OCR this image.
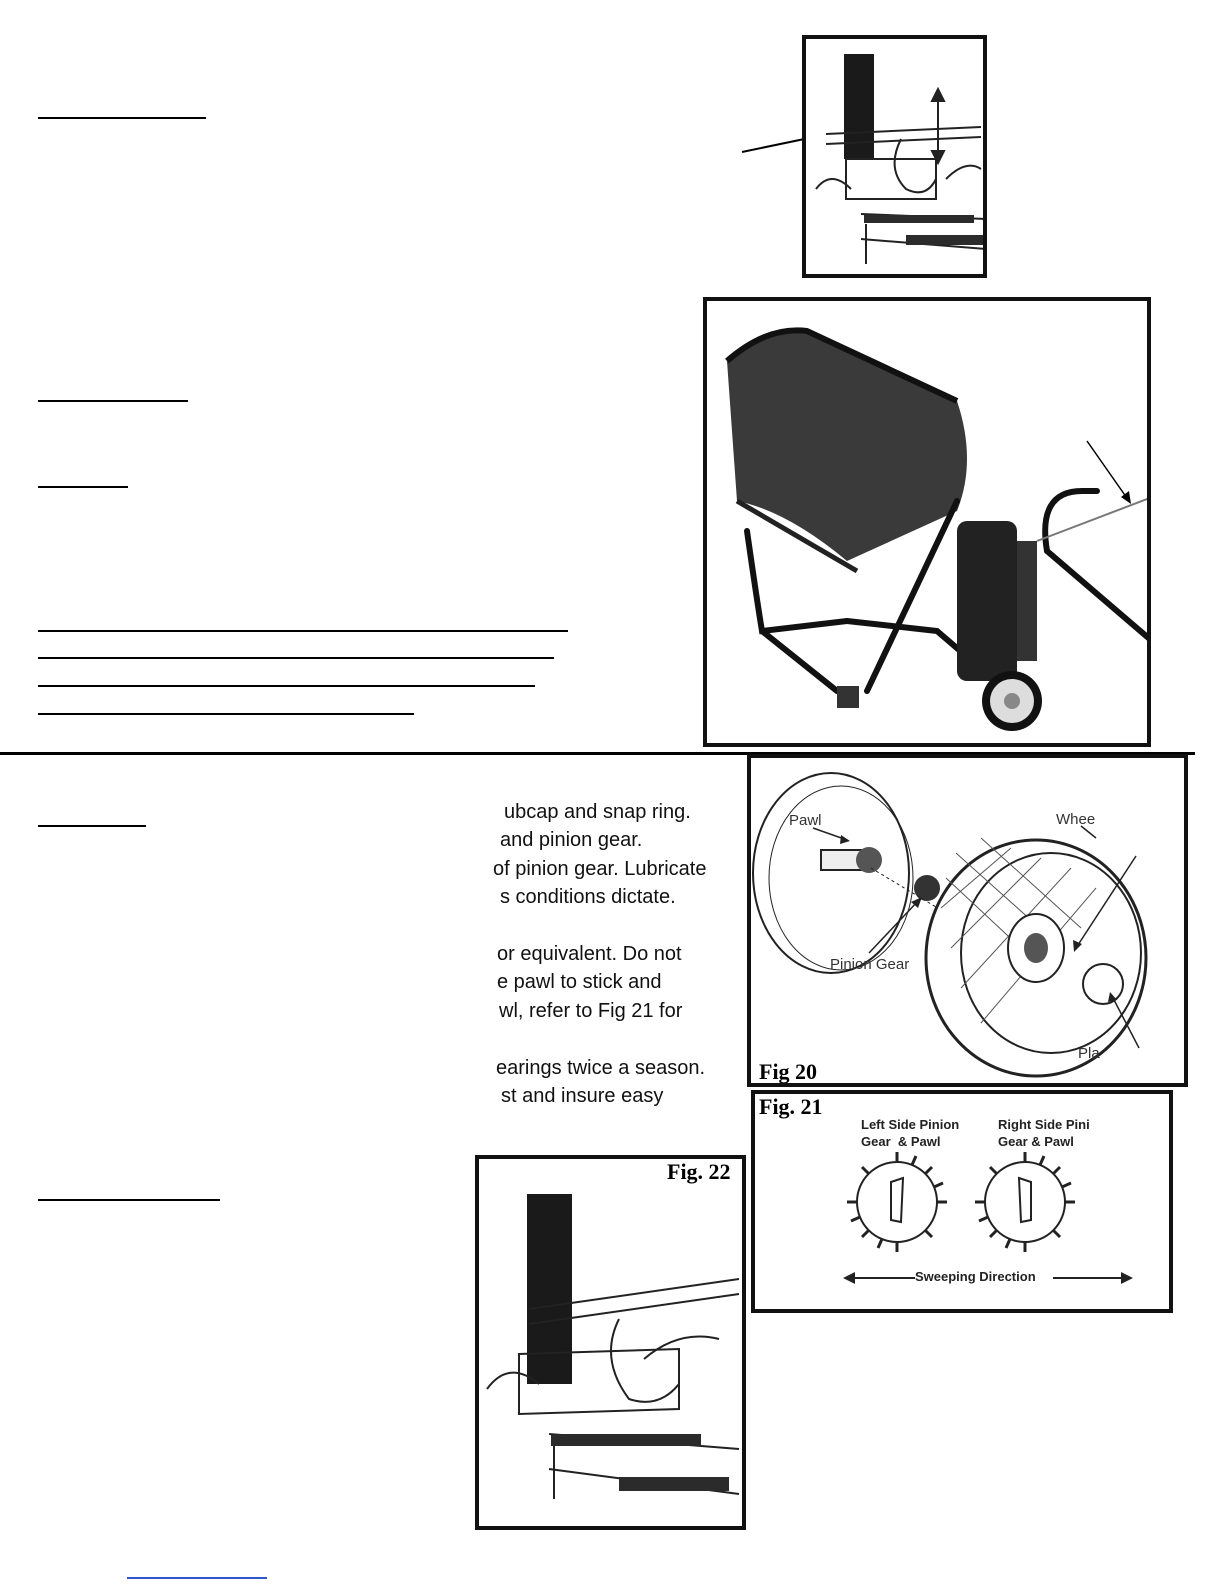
ubcap and snap ring.
and pinion gear.
of pinion gear. Lubricate
s conditions dictate.
or equivalent. Do not
e pawl to stick and
wl, refer to Fig 21 for
earings twice a season.
st and insure easy
Pawl	Whee
Pinion Gear
Pla
Fig 20
Fig. 21
Left Side Pinion
Gear  & Pawl
Right Side Pini
Gear & Pawl
Sweeping Direction
Fig. 22
